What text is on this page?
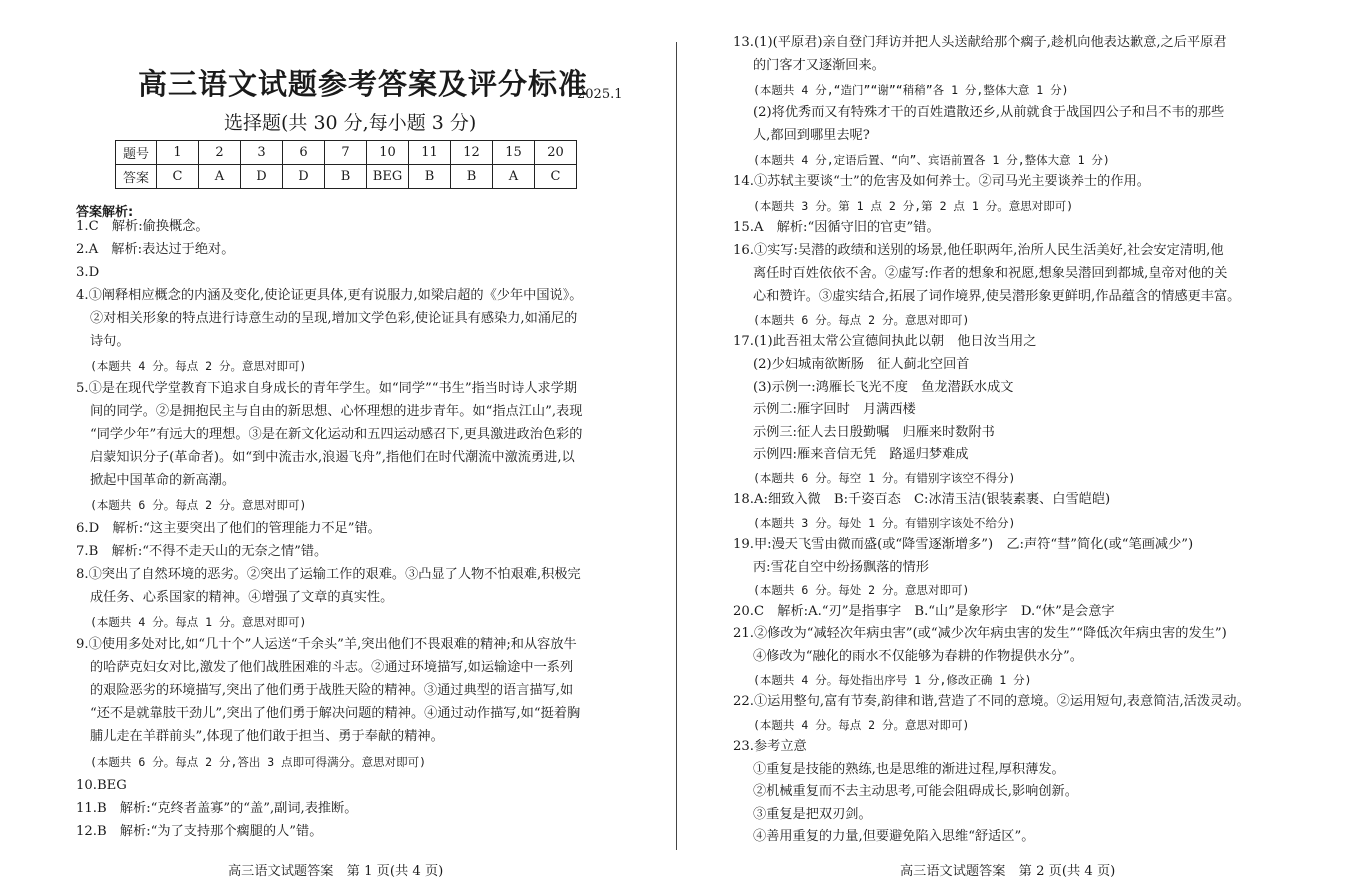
高三语文试题参考答案及评分标准
2025.1
选择题(共 30 分,每小题 3 分)
题号	1	2	3	6	7	10	11	12	15	20
答案	C	A	D	D	B	BEG	B	B	A	C
答案解析:
1.C　解析:偷换概念。
2.A　解析:表达过于绝对。
3.D
4.①阐释相应概念的内涵及变化,使论证更具体,更有说服力,如梁启超的《少年中国说》。
②对相关形象的特点进行诗意生动的呈现,增加文学色彩,使论证具有感染力,如涌尼的
诗句。
(本题共 4 分。每点 2 分。意思对即可)
5.①是在现代学堂教育下追求自身成长的青年学生。如“同学”“书生”指当时诗人求学期
间的同学。②是拥抱民主与自由的新思想、心怀理想的进步青年。如“指点江山”,表现
“同学少年”有远大的理想。③是在新文化运动和五四运动感召下,更具激进政治色彩的
启蒙知识分子(革命者)。如“到中流击水,浪遏飞舟”,指他们在时代潮流中激流勇进,以
掀起中国革命的新高潮。
(本题共 6 分。每点 2 分。意思对即可)
6.D　解析:“这主要突出了他们的管理能力不足”错。
7.B　解析:“不得不走天山的无奈之情”错。
8.①突出了自然环境的恶劣。②突出了运输工作的艰难。③凸显了人物不怕艰难,积极完
成任务、心系国家的精神。④增强了文章的真实性。
(本题共 4 分。每点 1 分。意思对即可)
9.①使用多处对比,如“几十个”人运送“千余头”羊,突出他们不畏艰难的精神;和从容放牛
的哈萨克妇女对比,激发了他们战胜困难的斗志。②通过环境描写,如运输途中一系列
的艰险恶劣的环境描写,突出了他们勇于战胜天险的精神。③通过典型的语言描写,如
“还不是就靠肢干劲儿”,突出了他们勇于解决问题的精神。④通过动作描写,如“挺着胸
脯儿走在羊群前头”,体现了他们敢于担当、勇于奉献的精神。
(本题共 6 分。每点 2 分,答出 3 点即可得满分。意思对即可)
10.BEG
11.B　解析:“克终者盖寡”的“盖”,副词,表推断。
12.B　解析:“为了支持那个瘸腿的人”错。
13.(1)(平原君)亲自登门拜访并把人头送献给那个瘸子,趁机向他表达歉意,之后平原君
的门客才又逐渐回来。
(本题共 4 分,“造门”“谢”“稍稍”各 1 分,整体大意 1 分)
(2)将优秀而又有特殊才干的百姓遣散还乡,从前就食于战国四公子和吕不韦的那些
人,都回到哪里去呢?
(本题共 4 分,定语后置、“向”、宾语前置各 1 分,整体大意 1 分)
14.①苏轼主要谈“士”的危害及如何养士。②司马光主要谈养士的作用。
(本题共 3 分。第 1 点 2 分,第 2 点 1 分。意思对即可)
15.A　解析:“因循守旧的官吏”错。
16.①实写:吴潜的政绩和送别的场景,他任职两年,治所人民生活美好,社会安定清明,他
离任时百姓依依不舍。②虚写:作者的想象和祝愿,想象吴潜回到都城,皇帝对他的关
心和赞许。③虚实结合,拓展了词作境界,使吴潜形象更鲜明,作品蕴含的情感更丰富。
(本题共 6 分。每点 2 分。意思对即可)
17.(1)此吾祖太常公宣德间执此以朝　他日汝当用之
(2)少妇城南欲断肠　征人蓟北空回首
(3)示例一:鸿雁长飞光不度　鱼龙潜跃水成文
示例二:雁字回时　月满西楼
示例三:征人去日殷勤嘱　归雁来时数附书
示例四:雁来音信无凭　路遥归梦难成
(本题共 6 分。每空 1 分。有错别字该空不得分)
18.A:细致入微　B:千姿百态　C:冰清玉洁(银装素裹、白雪皑皑)
(本题共 3 分。每处 1 分。有错别字该处不给分)
19.甲:漫天飞雪由微而盛(或“降雪逐渐增多”)　乙:声符“彗”简化(或“笔画减少”)
丙:雪花自空中纷扬飘落的情形
(本题共 6 分。每处 2 分。意思对即可)
20.C　解析:A.“刃”是指事字　B.“山”是象形字　D.“休”是会意字
21.②修改为“减轻次年病虫害”(或“减少次年病虫害的发生”“降低次年病虫害的发生”)
④修改为“融化的雨水不仅能够为春耕的作物提供水分”。
(本题共 4 分。每处指出序号 1 分,修改正确 1 分)
22.①运用整句,富有节奏,韵律和谐,营造了不同的意境。②运用短句,表意简洁,活泼灵动。
(本题共 4 分。每点 2 分。意思对即可)
23.参考立意
①重复是技能的熟练,也是思维的渐进过程,厚积薄发。
②机械重复而不去主动思考,可能会阻碍成长,影响创新。
③重复是把双刃剑。
④善用重复的力量,但要避免陷入思维“舒适区”。
高三语文试题答案　第 1 页(共 4 页)	高三语文试题答案　第 2 页(共 4 页)
